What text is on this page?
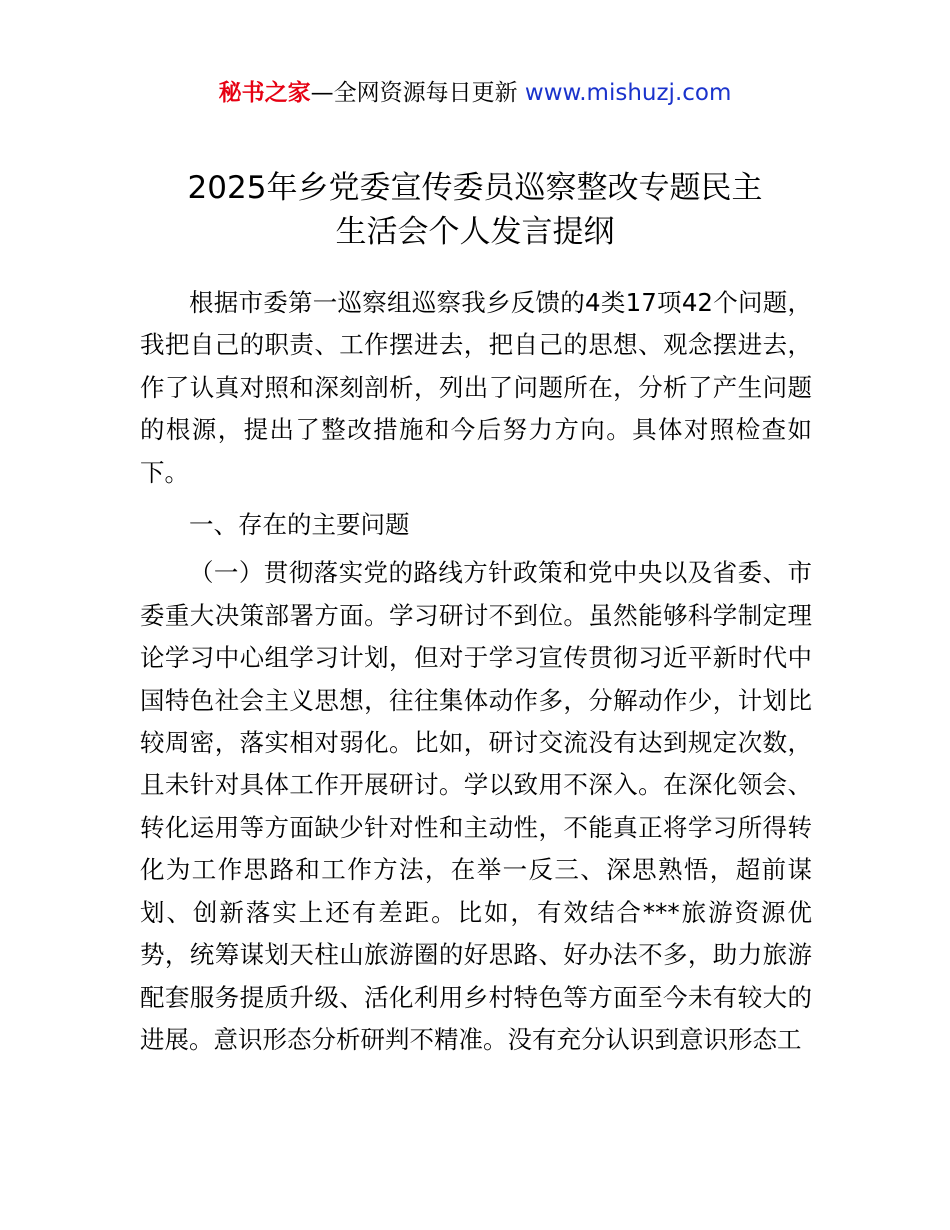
秘书之家—全网资源每日更新 www.mishuzj.com
2025年乡党委宣传委员巡察整改专题民主
生活会个人发言提纲

根据市委第一巡察组巡察我乡反馈的4类17项42个问题，我把自己的职责、工作摆进去，把自己的思想、观念摆进去，作了认真对照和深刻剖析，列出了问题所在，分析了产生问题的根源，提出了整改措施和今后努力方向。具体对照检查如下。

一、存在的主要问题

（一）贯彻落实党的路线方针政策和党中央以及省委、市委重大决策部署方面。学习研讨不到位。虽然能够科学制定理论学习中心组学习计划，但对于学习宣传贯彻习近平新时代中国特色社会主义思想，往往集体动作多，分解动作少，计划比较周密，落实相对弱化。比如，研讨交流没有达到规定次数，且未针对具体工作开展研讨。学以致用不深入。在深化领会、转化运用等方面缺少针对性和主动性，不能真正将学习所得转化为工作思路和工作方法，在举一反三、深思熟悟，超前谋划、创新落实上还有差距。比如，有效结合***旅游资源优势，统筹谋划天柱山旅游圈的好思路、好办法不多，助力旅游配套服务提质升级、活化利用乡村特色等方面至今未有较大的进展。意识形态分析研判不精准。没有充分认识到意识形态工
